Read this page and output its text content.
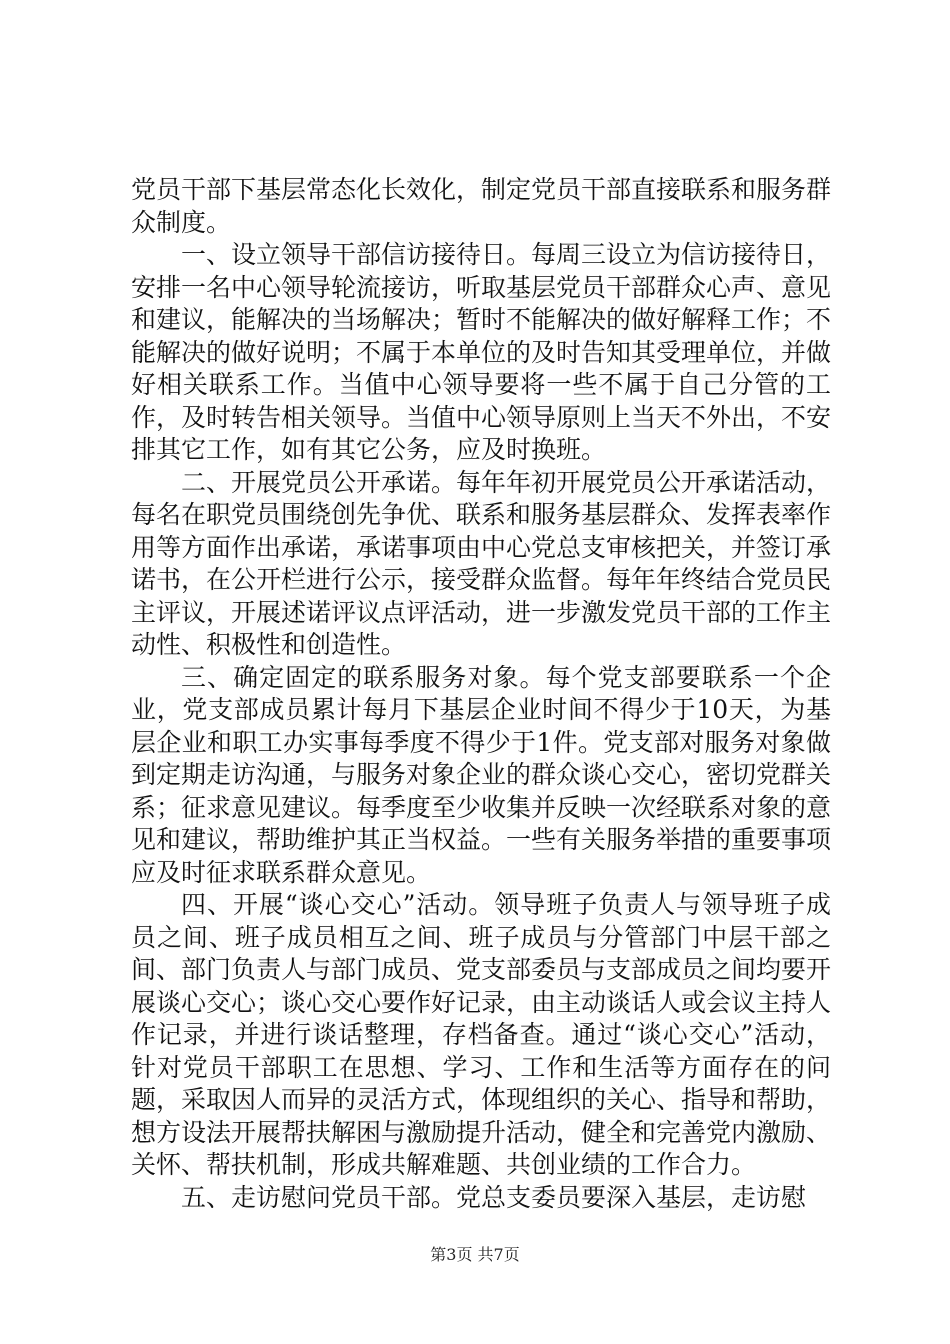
党员干部下基层常态化长效化，制定党员干部直接联系和服务群众制度。

一、设立领导干部信访接待日。每周三设立为信访接待日，安排一名中心领导轮流接访，听取基层党员干部群众心声、意见和建议，能解决的当场解决；暂时不能解决的做好解释工作；不能解决的做好说明；不属于本单位的及时告知其受理单位，并做好相关联系工作。当值中心领导要将一些不属于自己分管的工作，及时转告相关领导。当值中心领导原则上当天不外出，不安排其它工作，如有其它公务，应及时换班。

二、开展党员公开承诺。每年年初开展党员公开承诺活动，每名在职党员围绕创先争优、联系和服务基层群众、发挥表率作用等方面作出承诺，承诺事项由中心党总支审核把关，并签订承诺书，在公开栏进行公示，接受群众监督。每年年终结合党员民主评议，开展述诺评议点评活动，进一步激发党员干部的工作主动性、积极性和创造性。

三、确定固定的联系服务对象。每个党支部要联系一个企业，党支部成员累计每月下基层企业时间不得少于10天，为基层企业和职工办实事每季度不得少于1件。党支部对服务对象做到定期走访沟通，与服务对象企业的群众谈心交心，密切党群关系；征求意见建议。每季度至少收集并反映一次经联系对象的意见和建议，帮助维护其正当权益。一些有关服务举措的重要事项应及时征求联系群众意见。

四、开展“谈心交心”活动。领导班子负责人与领导班子成员之间、班子成员相互之间、班子成员与分管部门中层干部之间、部门负责人与部门成员、党支部委员与支部成员之间均要开展谈心交心；谈心交心要作好记录，由主动谈话人或会议主持人作记录，并进行谈话整理，存档备查。通过“谈心交心”活动，针对党员干部职工在思想、学习、工作和生活等方面存在的问题，采取因人而异的灵活方式，体现组织的关心、指导和帮助，想方设法开展帮扶解困与激励提升活动，健全和完善党内激励、关怀、帮扶机制，形成共解难题、共创业绩的工作合力。

五、走访慰问党员干部。党总支委员要深入基层，走访慰

第3页 共7页
